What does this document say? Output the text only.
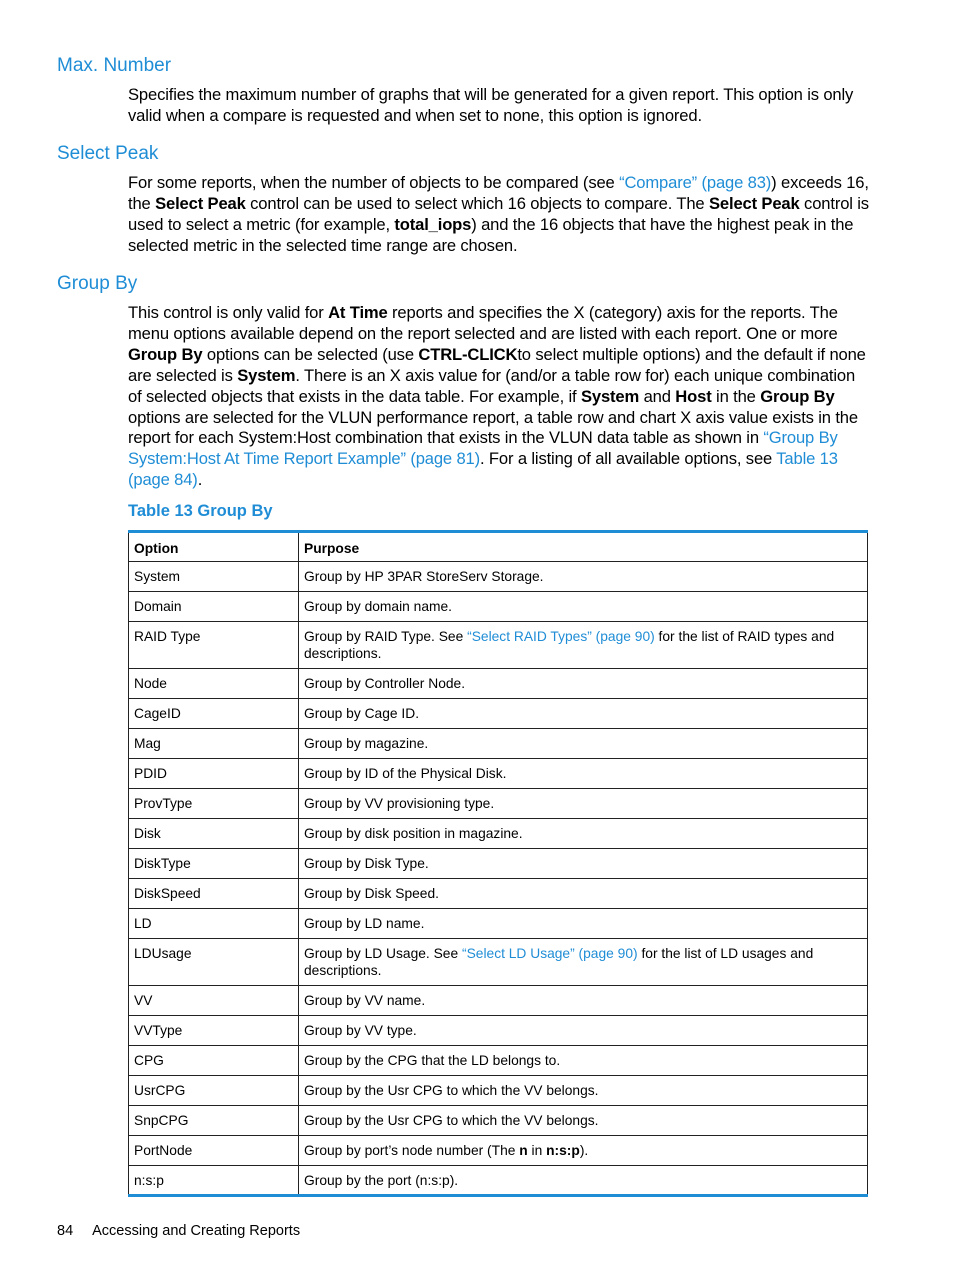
Max. Number

Specifies the maximum number of graphs that will be generated for a given report. This option is only valid when a compare is requested and when set to none, this option is ignored.

Select Peak

For some reports, when the number of objects to be compared (see “Compare” (page 83)) exceeds 16, the Select Peak control can be used to select which 16 objects to compare. The Select Peak control is used to select a metric (for example, total_iops) and the 16 objects that have the highest peak in the selected metric in the selected time range are chosen.

Group By

This control is only valid for At Time reports and specifies the X (category) axis for the reports. The menu options available depend on the report selected and are listed with each report. One or more Group By options can be selected (use CTRL-CLICKto select multiple options) and the default if none are selected is System. There is an X axis value for (and/or a table row for) each unique combination of selected objects that exists in the data table. For example, if System and Host in the Group By options are selected for the VLUN performance report, a table row and chart X axis value exists in the report for each System:Host combination that exists in the VLUN data table as shown in “Group By System:Host At Time Report Example” (page 81). For a listing of all available options, see Table 13 (page 84).

Table 13 Group By
Option	Purpose
System	Group by HP 3PAR StoreServ Storage.
Domain	Group by domain name.
RAID Type	Group by RAID Type. See “Select RAID Types” (page 90) for the list of RAID types and descriptions.
Node	Group by Controller Node.
CageID	Group by Cage ID.
Mag	Group by magazine.
PDID	Group by ID of the Physical Disk.
ProvType	Group by VV provisioning type.
Disk	Group by disk position in magazine.
DiskType	Group by Disk Type.
DiskSpeed	Group by Disk Speed.
LD	Group by LD name.
LDUsage	Group by LD Usage. See “Select LD Usage” (page 90) for the list of LD usages and descriptions.
VV	Group by VV name.
VVType	Group by VV type.
CPG	Group by the CPG that the LD belongs to.
UsrCPG	Group by the Usr CPG to which the VV belongs.
SnpCPG	Group by the Usr CPG to which the VV belongs.
PortNode	Group by port’s node number (The n in n:s:p).
n:s:p	Group by the port (n:s:p).
84 Accessing and Creating Reports
